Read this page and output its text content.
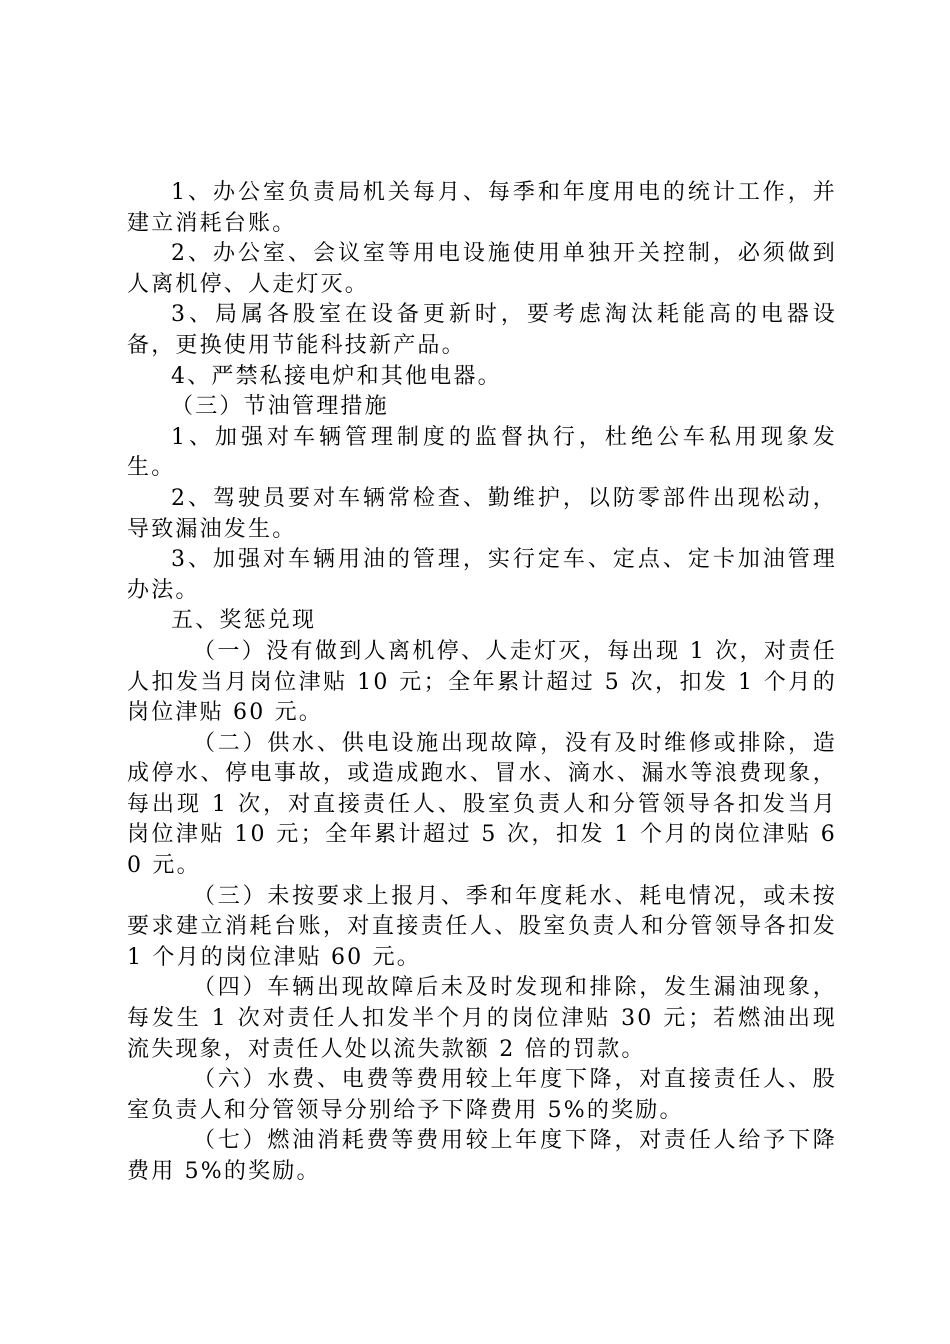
1、办公室负责局机关每月、每季和年度用电的统计工作，并建立消耗台账。

2、办公室、会议室等用电设施使用单独开关控制，必须做到人离机停、人走灯灭。

3、局属各股室在设备更新时，要考虑淘汰耗能高的电器设备，更换使用节能科技新产品。

4、严禁私接电炉和其他电器。

（三）节油管理措施

1、加强对车辆管理制度的监督执行，杜绝公车私用现象发生。

2、驾驶员要对车辆常检查、勤维护，以防零部件出现松动，导致漏油发生。

3、加强对车辆用油的管理，实行定车、定点、定卡加油管理办法。

五、奖惩兑现

（一）没有做到人离机停、人走灯灭，每出现 1 次，对责任人扣发当月岗位津贴 10 元；全年累计超过 5 次，扣发 1 个月的岗位津贴 60 元。

（二）供水、供电设施出现故障，没有及时维修或排除，造成停水、停电事故，或造成跑水、冒水、滴水、漏水等浪费现象，每出现 1 次，对直接责任人、股室负责人和分管领导各扣发当月岗位津贴 10 元；全年累计超过 5 次，扣发 1 个月的岗位津贴 60 元。

（三）未按要求上报月、季和年度耗水、耗电情况，或未按要求建立消耗台账，对直接责任人、股室负责人和分管领导各扣发 1 个月的岗位津贴 60 元。

（四）车辆出现故障后未及时发现和排除，发生漏油现象，每发生 1 次对责任人扣发半个月的岗位津贴 30 元；若燃油出现流失现象，对责任人处以流失款额 2 倍的罚款。

（六）水费、电费等费用较上年度下降，对直接责任人、股室负责人和分管领导分别给予下降费用 5%的奖励。

（七）燃油消耗费等费用较上年度下降，对责任人给予下降费用 5%的奖励。
